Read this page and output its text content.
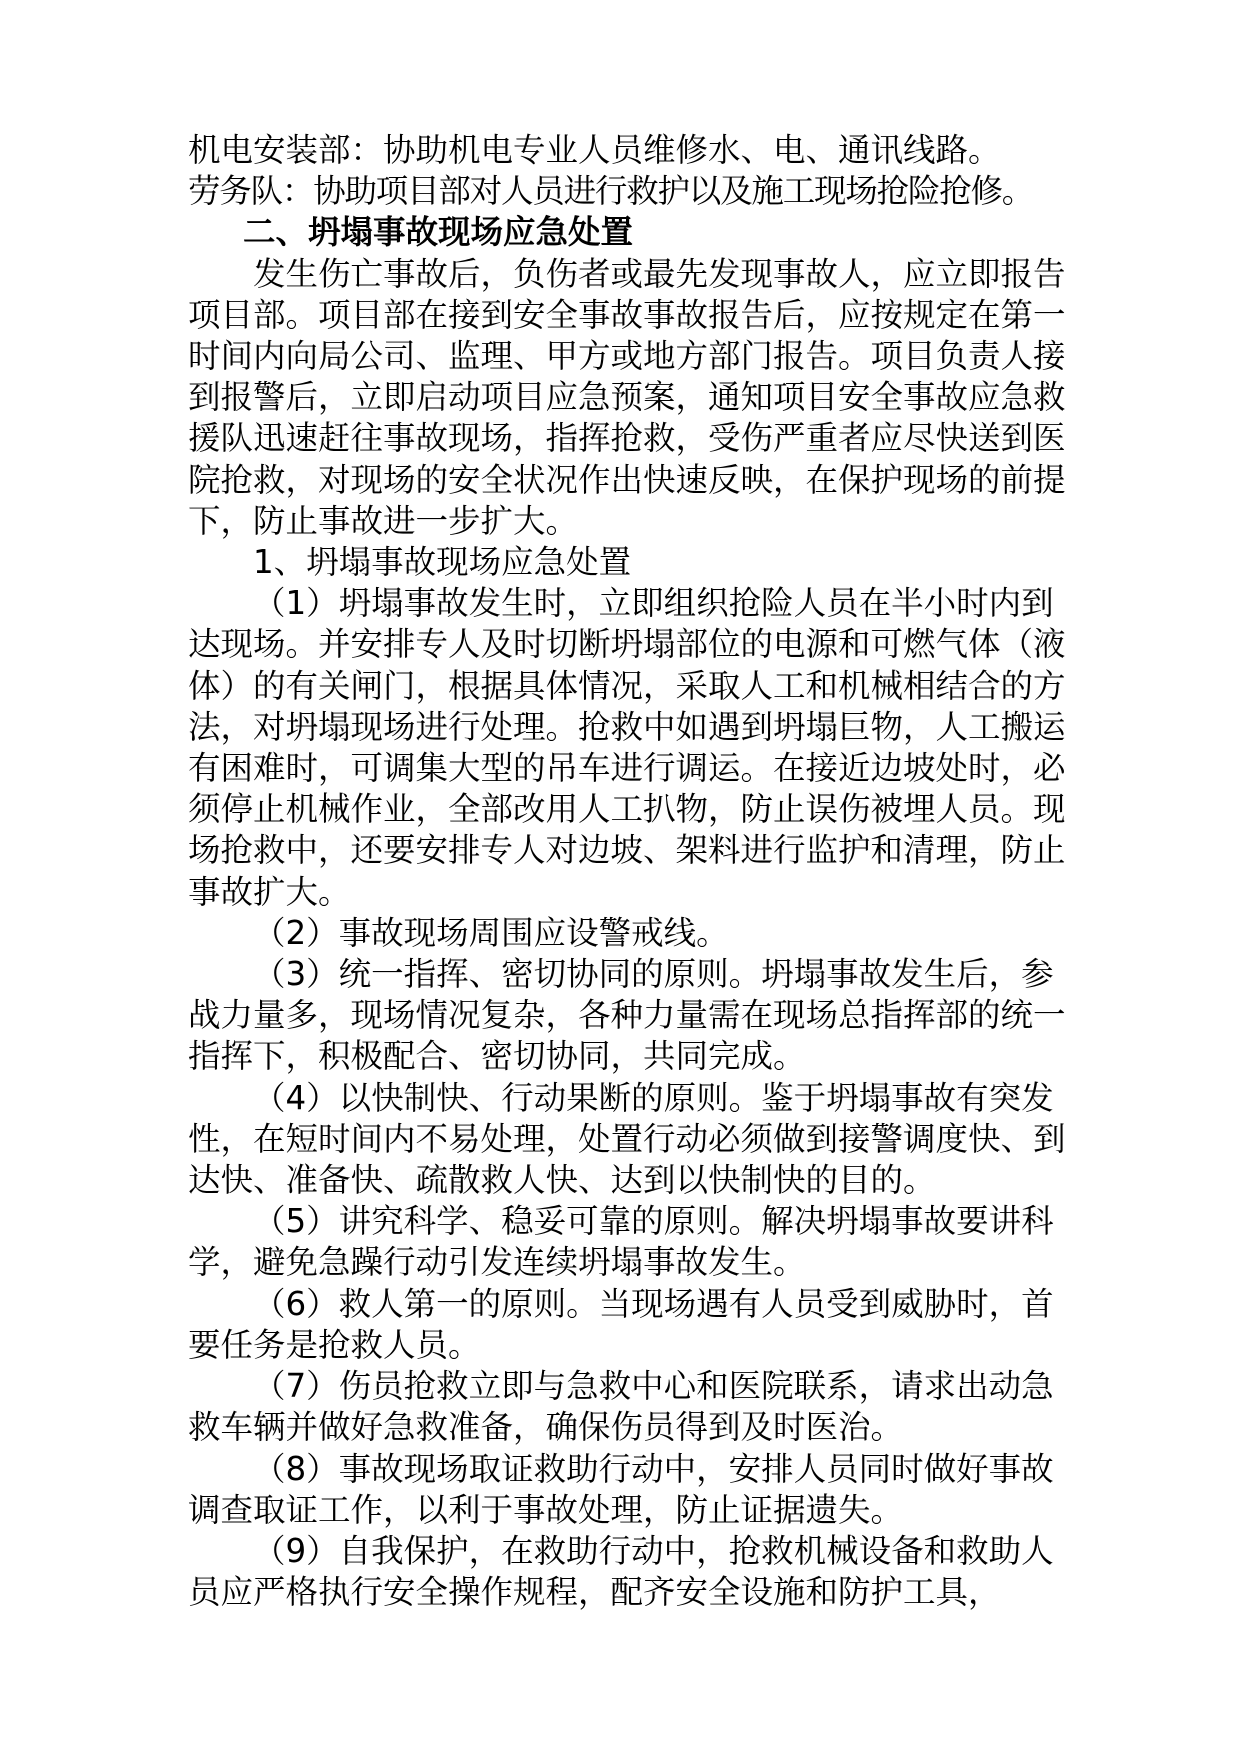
机电安装部：协助机电专业人员维修水、电、通讯线路。

劳务队：协助项目部对人员进行救护以及施工现场抢险抢修。

二、坍塌事故现场应急处置

发生伤亡事故后，负伤者或最先发现事故人，应立即报告项目部。项目部在接到安全事故事故报告后，应按规定在第一时间内向局公司、监理、甲方或地方部门报告。项目负责人接到报警后，立即启动项目应急预案，通知项目安全事故应急救援队迅速赶往事故现场，指挥抢救，受伤严重者应尽快送到医院抢救，对现场的安全状况作出快速反映，在保护现场的前提下，防止事故进一步扩大。

1、坍塌事故现场应急处置

（1）坍塌事故发生时，立即组织抢险人员在半小时内到达现场。并安排专人及时切断坍塌部位的电源和可燃气体（液体）的有关闸门，根据具体情况，采取人工和机械相结合的方法，对坍塌现场进行处理。抢救中如遇到坍塌巨物，人工搬运有困难时，可调集大型的吊车进行调运。在接近边坡处时，必须停止机械作业，全部改用人工扒物，防止误伤被埋人员。现场抢救中，还要安排专人对边坡、架料进行监护和清理，防止事故扩大。

（2）事故现场周围应设警戒线。

（3）统一指挥、密切协同的原则。坍塌事故发生后，参战力量多，现场情况复杂，各种力量需在现场总指挥部的统一指挥下，积极配合、密切协同，共同完成。

（4）以快制快、行动果断的原则。鉴于坍塌事故有突发性，在短时间内不易处理，处置行动必须做到接警调度快、到达快、准备快、疏散救人快、达到以快制快的目的。

（5）讲究科学、稳妥可靠的原则。解决坍塌事故要讲科学，避免急躁行动引发连续坍塌事故发生。

（6）救人第一的原则。当现场遇有人员受到威胁时，首要任务是抢救人员。

（7）伤员抢救立即与急救中心和医院联系，请求出动急救车辆并做好急救准备，确保伤员得到及时医治。

（8）事故现场取证救助行动中，安排人员同时做好事故调查取证工作，以利于事故处理，防止证据遗失。

（9）自我保护，在救助行动中，抢救机械设备和救助人员应严格执行安全操作规程，配齐安全设施和防护工具，
